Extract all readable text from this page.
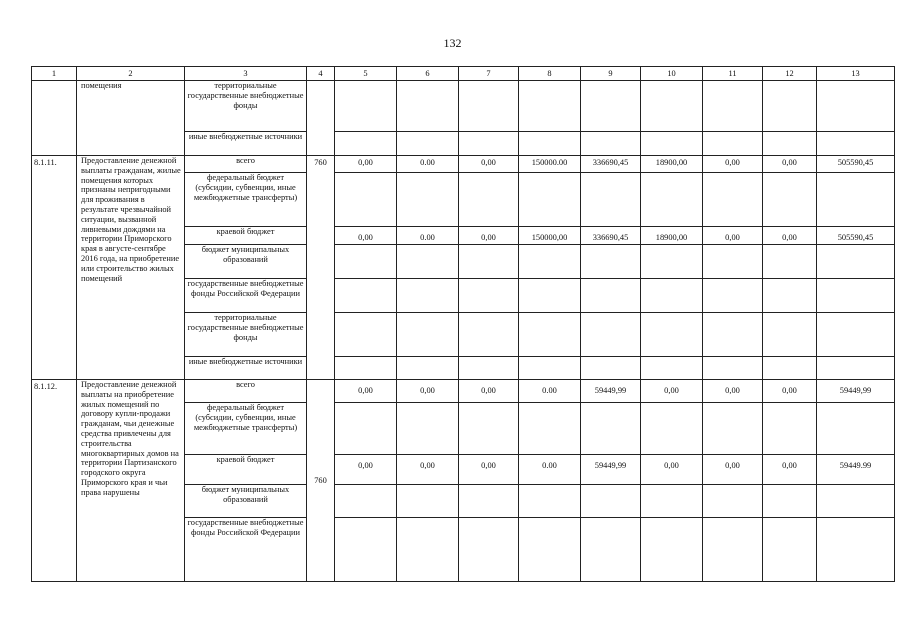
132
1	2	3	4	5	6	7	8	9	10	11	12	13
	помещения	территориальные государственные внебюджетные фонды										
		иные внебюджетные источники										
8.1.11.	Предоставление денежной выплаты гражданам, жилые помещения которых признаны непригодными для проживания в результате чрезвычайной ситуации, вызванной ливневыми дождями на территории Приморского края в августе-сентябре 2016 года, на приобретение или строительство жилых помещений	всего	760	0,00	0.00	0,00	150000.00	336690,45	18900,00	0,00	0,00	505590,45
		федеральный бюджет (субсидии, субвенции, иные межбюджетные трансферты)										
		краевой бюджет		0,00	0.00	0,00	150000,00	336690,45	18900,00	0,00	0,00	505590,45
		бюджет муниципальных образований										
		государственные внебюджетные фонды Российской Федерации										
		территориальные государственные внебюджетные фонды										
		иные внебюджетные источники										
8.1.12.	Предоставление денежной выплаты на приобретение жилых помещений по договору купли-продажи гражданам, чьи денежные средства привлечены для строительства многоквартирных домов на территории Партизанского городского округа Приморского края и чьи права нарушены	всего	760	0,00	0,00	0,00	0.00	59449,99	0,00	0,00	0,00	59449,99
		федеральный бюджет (субсидии, субвенции, иные межбюджетные трансферты)										
		краевой бюджет		0,00	0,00	0,00	0.00	59449,99	0,00	0,00	0,00	59449.99
		бюджет муниципальных образований										
		государственные внебюджетные фонды Российской Федерации										
